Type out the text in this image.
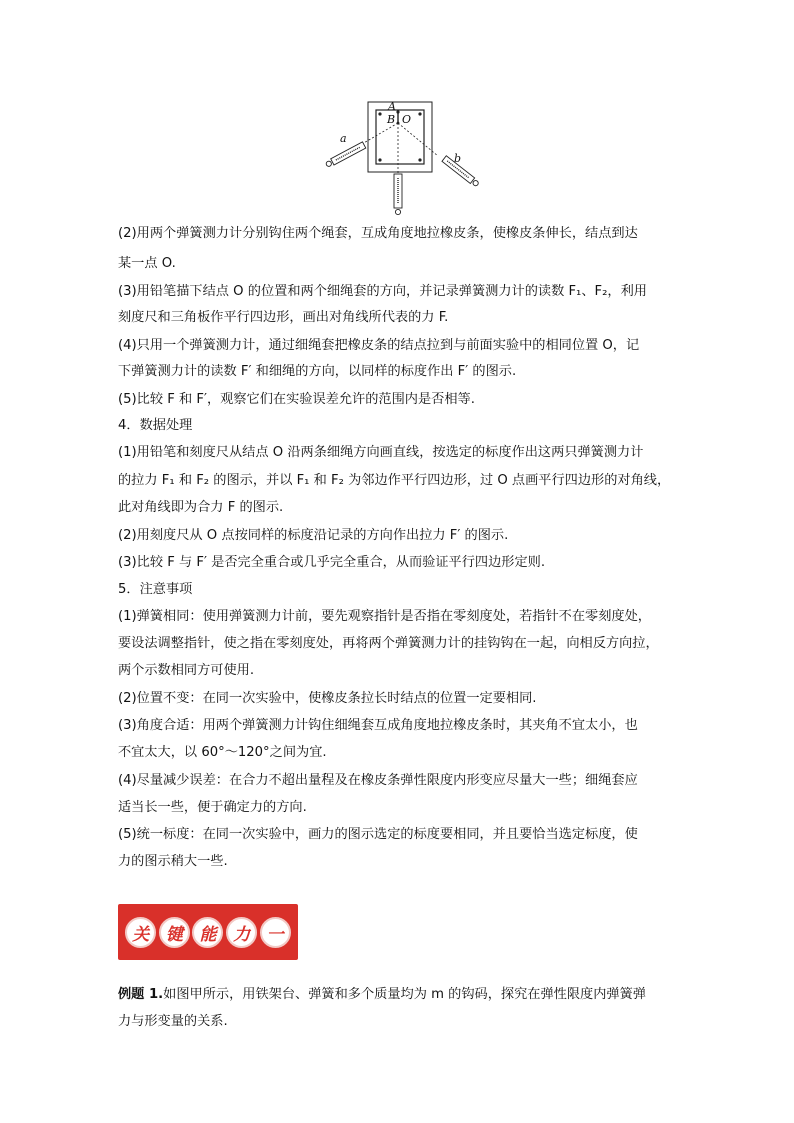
A
B O
a
b
(2)用两个弹簧测力计分别钩住两个绳套，互成角度地拉橡皮条，使橡皮条伸长，结点到达
某一点 O.
(3)用铅笔描下结点 O 的位置和两个细绳套的方向，并记录弹簧测力计的读数 F₁、F₂，利用
刻度尺和三角板作平行四边形，画出对角线所代表的力 F.
(4)只用一个弹簧测力计，通过细绳套把橡皮条的结点拉到与前面实验中的相同位置 O，记
下弹簧测力计的读数 F′ 和细绳的方向，以同样的标度作出 F′ 的图示.
(5)比较 F 和 F′，观察它们在实验误差允许的范围内是否相等.
4．数据处理
(1)用铅笔和刻度尺从结点 O 沿两条细绳方向画直线，按选定的标度作出这两只弹簧测力计
的拉力 F₁ 和 F₂ 的图示，并以 F₁ 和 F₂ 为邻边作平行四边形，过 O 点画平行四边形的对角线，
此对角线即为合力 F 的图示.
(2)用刻度尺从 O 点按同样的标度沿记录的方向作出拉力 F′ 的图示.
(3)比较 F 与 F′ 是否完全重合或几乎完全重合，从而验证平行四边形定则.
5．注意事项
(1)弹簧相同：使用弹簧测力计前，要先观察指针是否指在零刻度处，若指针不在零刻度处，
要设法调整指针，使之指在零刻度处，再将两个弹簧测力计的挂钩钩在一起，向相反方向拉，
两个示数相同方可使用.
(2)位置不变：在同一次实验中，使橡皮条拉长时结点的位置一定要相同.
(3)角度合适：用两个弹簧测力计钩住细绳套互成角度地拉橡皮条时，其夹角不宜太小，也
不宜太大，以 60°～120°之间为宜.
(4)尽量减少误差：在合力不超出量程及在橡皮条弹性限度内形变应尽量大一些；细绳套应
适当长一些，便于确定力的方向.
(5)统一标度：在同一次实验中，画力的图示选定的标度要相同，并且要恰当选定标度，使
力的图示稍大一些.
关 键 能 力 一
例题 1.如图甲所示，用铁架台、弹簧和多个质量均为 m 的钩码，探究在弹性限度内弹簧弹
力与形变量的关系.
